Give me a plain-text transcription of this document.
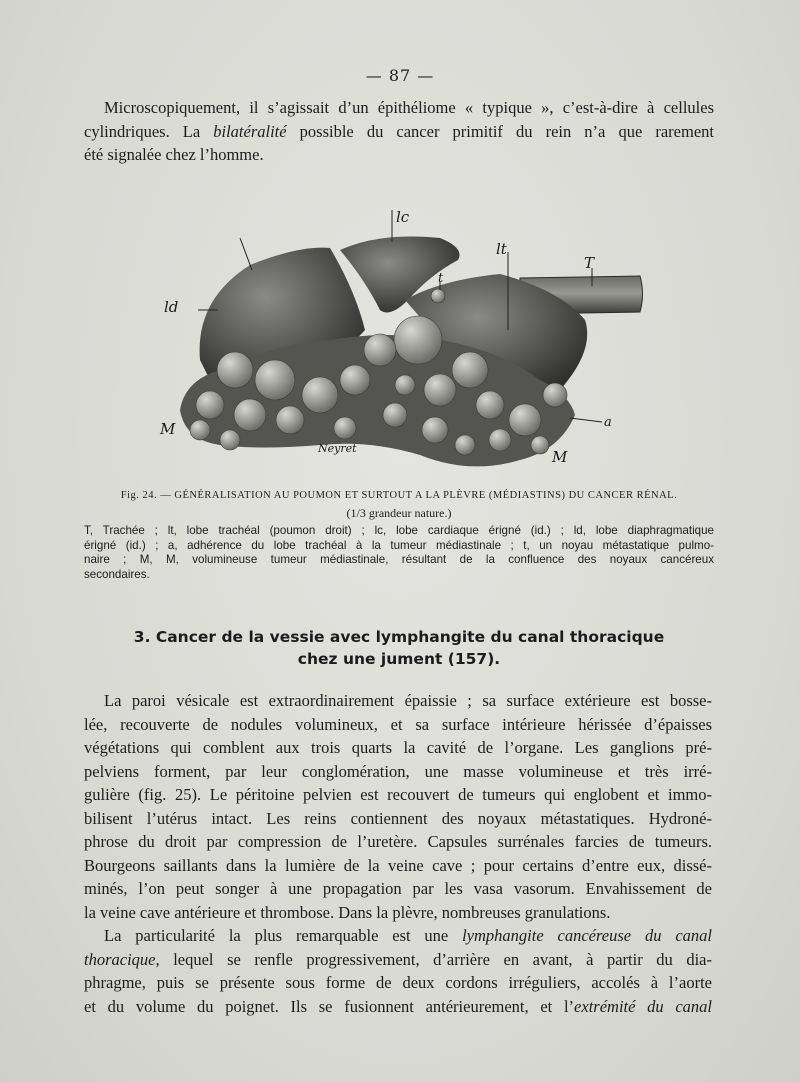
— 87 —

Microscopiquement, il s’agissait d’un épithéliome « typique », c’est-à-dire à cellules
cylindriques. La bilatéralité possible du cancer primitif du rein n’a que rarement
été signalée chez l’homme.

lc
lt
T
ld
t
a
M
M
Neyret
Fig. 24. — GÉNÉRALISATION AU POUMON ET SURTOUT A LA PLÈVRE (MÉDIASTINS) DU CANCER RÉNAL.
(1/3 grandeur nature.)
T, Trachée ; lt, lobe trachéal (poumon droit) ; lc, lobe cardiaque érigné (id.) ; ld, lobe diaphragmatique
érigné (id.) ; a, adhérence du lobe trachéal à la tumeur médiastinale ; t, un noyau métastatique pulmo-
naire ; M, M, volumineuse tumeur médiastinale, résultant de la confluence des noyaux cancéreux
secondaires.
3. Cancer de la vessie avec lymphangite du canal thoracique
chez une jument (157).

La paroi vésicale est extraordinairement épaissie ; sa surface extérieure est bosse-
lée, recouverte de nodules volumineux, et sa surface intérieure hérissée d’épaisses
végétations qui comblent aux trois quarts la cavité de l’organe. Les ganglions pré-
pelviens forment, par leur conglomération, une masse volumineuse et très irré-
gulière (fig. 25). Le péritoine pelvien est recouvert de tumeurs qui englobent et immo-
bilisent l’utérus intact. Les reins contiennent des noyaux métastatiques. Hydroné-
phrose du droit par compression de l’uretère. Capsules surrénales farcies de tumeurs.
Bourgeons saillants dans la lumière de la veine cave ; pour certains d’entre eux, dissé-
minés, l’on peut songer à une propagation par les vasa vasorum. Envahissement de
la veine cave antérieure et thrombose. Dans la plèvre, nombreuses granulations.

La particularité la plus remarquable est une lymphangite cancéreuse du canal
thoracique, lequel se renfle progressivement, d’arrière en avant, à partir du dia-
phragme, puis se présente sous forme de deux cordons irréguliers, accolés à l’aorte
et du volume du poignet. Ils se fusionnent antérieurement, et l’extrémité du canal
